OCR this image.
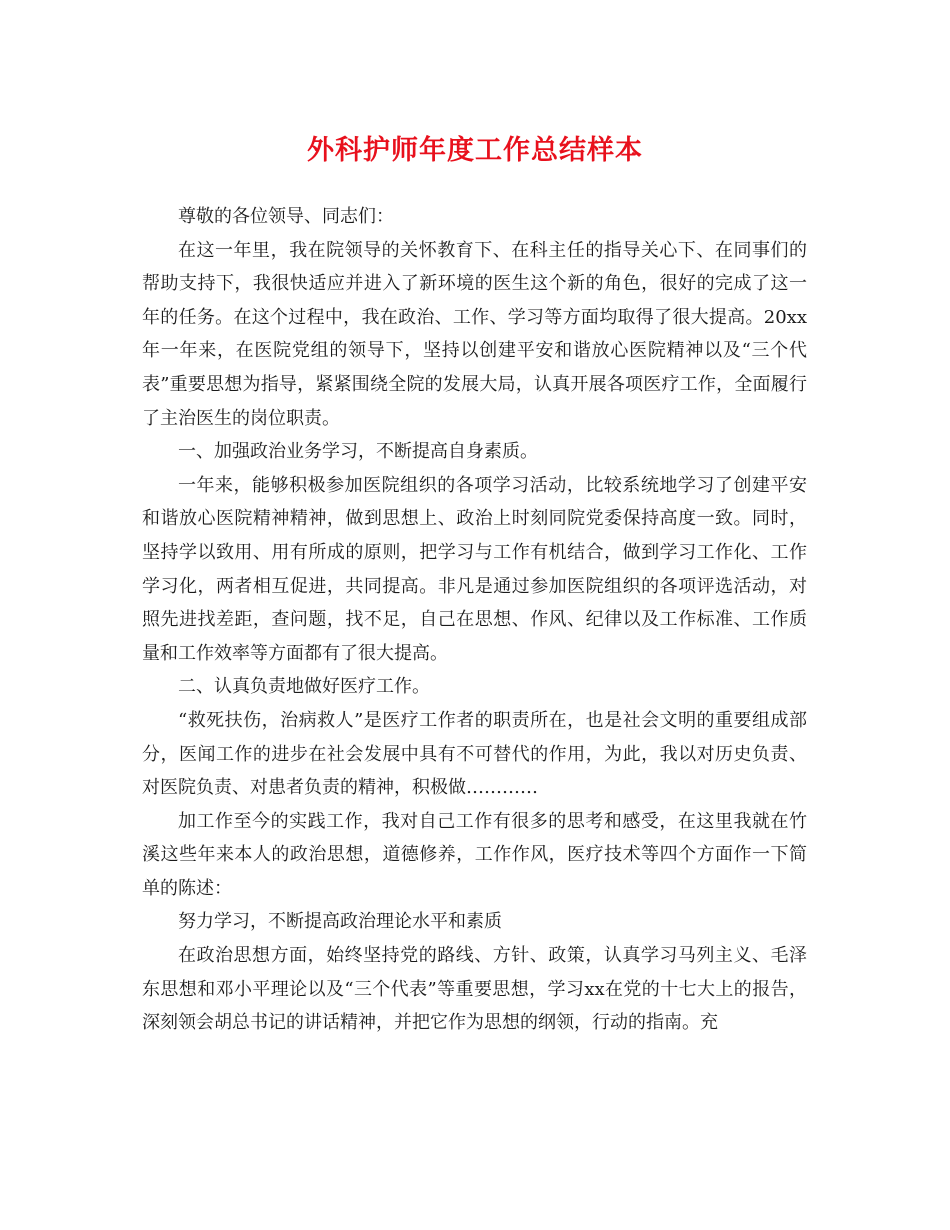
外科护师年度工作总结样本

尊敬的各位领导、同志们：

在这一年里，我在院领导的关怀教育下、在科主任的指导关心下、在同事们的帮助支持下，我很快适应并进入了新环境的医生这个新的角色，很好的完成了这一年的任务。在这个过程中，我在政治、工作、学习等方面均取得了很大提高。20xx年一年来，在医院党组的领导下，坚持以创建平安和谐放心医院精神以及“三个代表”重要思想为指导，紧紧围绕全院的发展大局，认真开展各项医疗工作，全面履行了主治医生的岗位职责。

一、加强政治业务学习，不断提高自身素质。

一年来，能够积极参加医院组织的各项学习活动，比较系统地学习了创建平安和谐放心医院精神精神，做到思想上、政治上时刻同院党委保持高度一致。同时，坚持学以致用、用有所成的原则，把学习与工作有机结合，做到学习工作化、工作学习化，两者相互促进，共同提高。非凡是通过参加医院组织的各项评选活动，对照先进找差距，查问题，找不足，自己在思想、作风、纪律以及工作标准、工作质量和工作效率等方面都有了很大提高。

二、认真负责地做好医疗工作。

“救死扶伤，治病救人”是医疗工作者的职责所在，也是社会文明的重要组成部分，医闻工作的进步在社会发展中具有不可替代的作用，为此，我以对历史负责、对医院负责、对患者负责的精神，积极做…………

加工作至今的实践工作，我对自己工作有很多的思考和感受，在这里我就在竹溪这些年来本人的政治思想，道德修养，工作作风，医疗技术等四个方面作一下简单的陈述：

努力学习，不断提高政治理论水平和素质

在政治思想方面，始终坚持党的路线、方针、政策，认真学习马列主义、毛泽东思想和邓小平理论以及“三个代表”等重要思想，学习xx在党的十七大上的报告，深刻领会胡总书记的讲话精神，并把它作为思想的纲领，行动的指南。充
